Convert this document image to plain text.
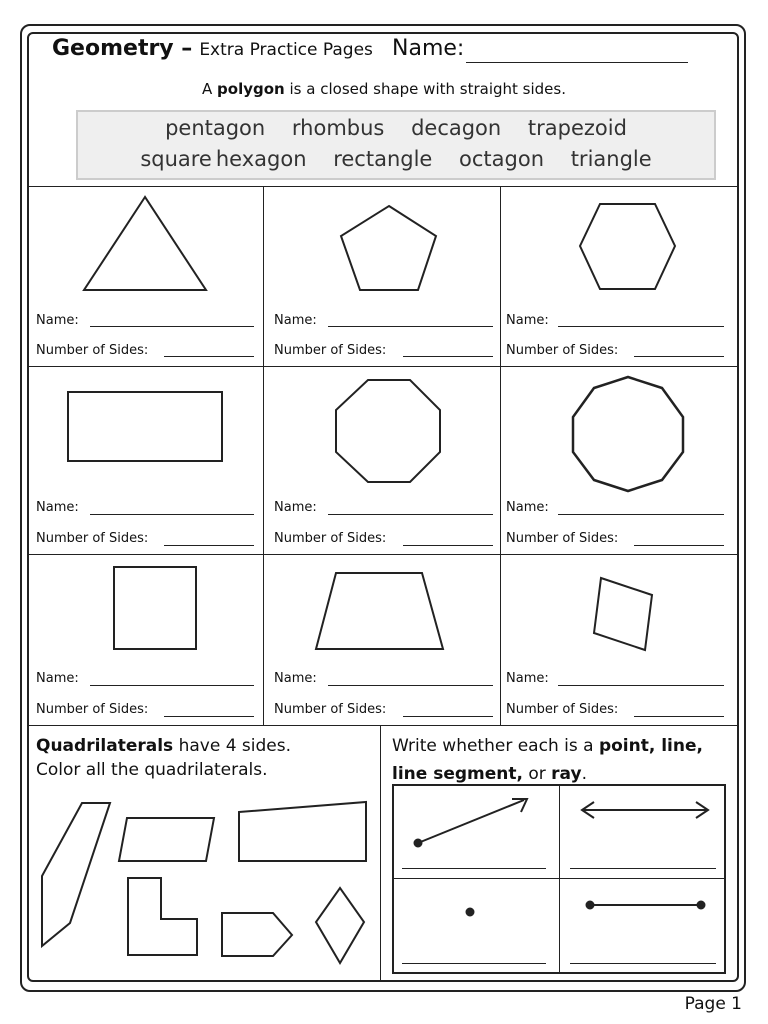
Geometry – Extra Practice Pages Name:
A polygon is a closed shape with straight sides.
pentagon rhombus decagon trapezoid
square hexagon rectangle octagon triangle
Name:
Number of Sides:
Name:
Number of Sides:
Name:
Number of Sides:
Name:
Number of Sides:
Name:
Number of Sides:
Name:
Number of Sides:
Name:
Number of Sides:
Name:
Number of Sides:
Name:
Number of Sides:
Quadrilaterals have 4 sides.
Color all the quadrilaterals.
Write whether each is a point, line,
line segment, or ray.
Page 1
